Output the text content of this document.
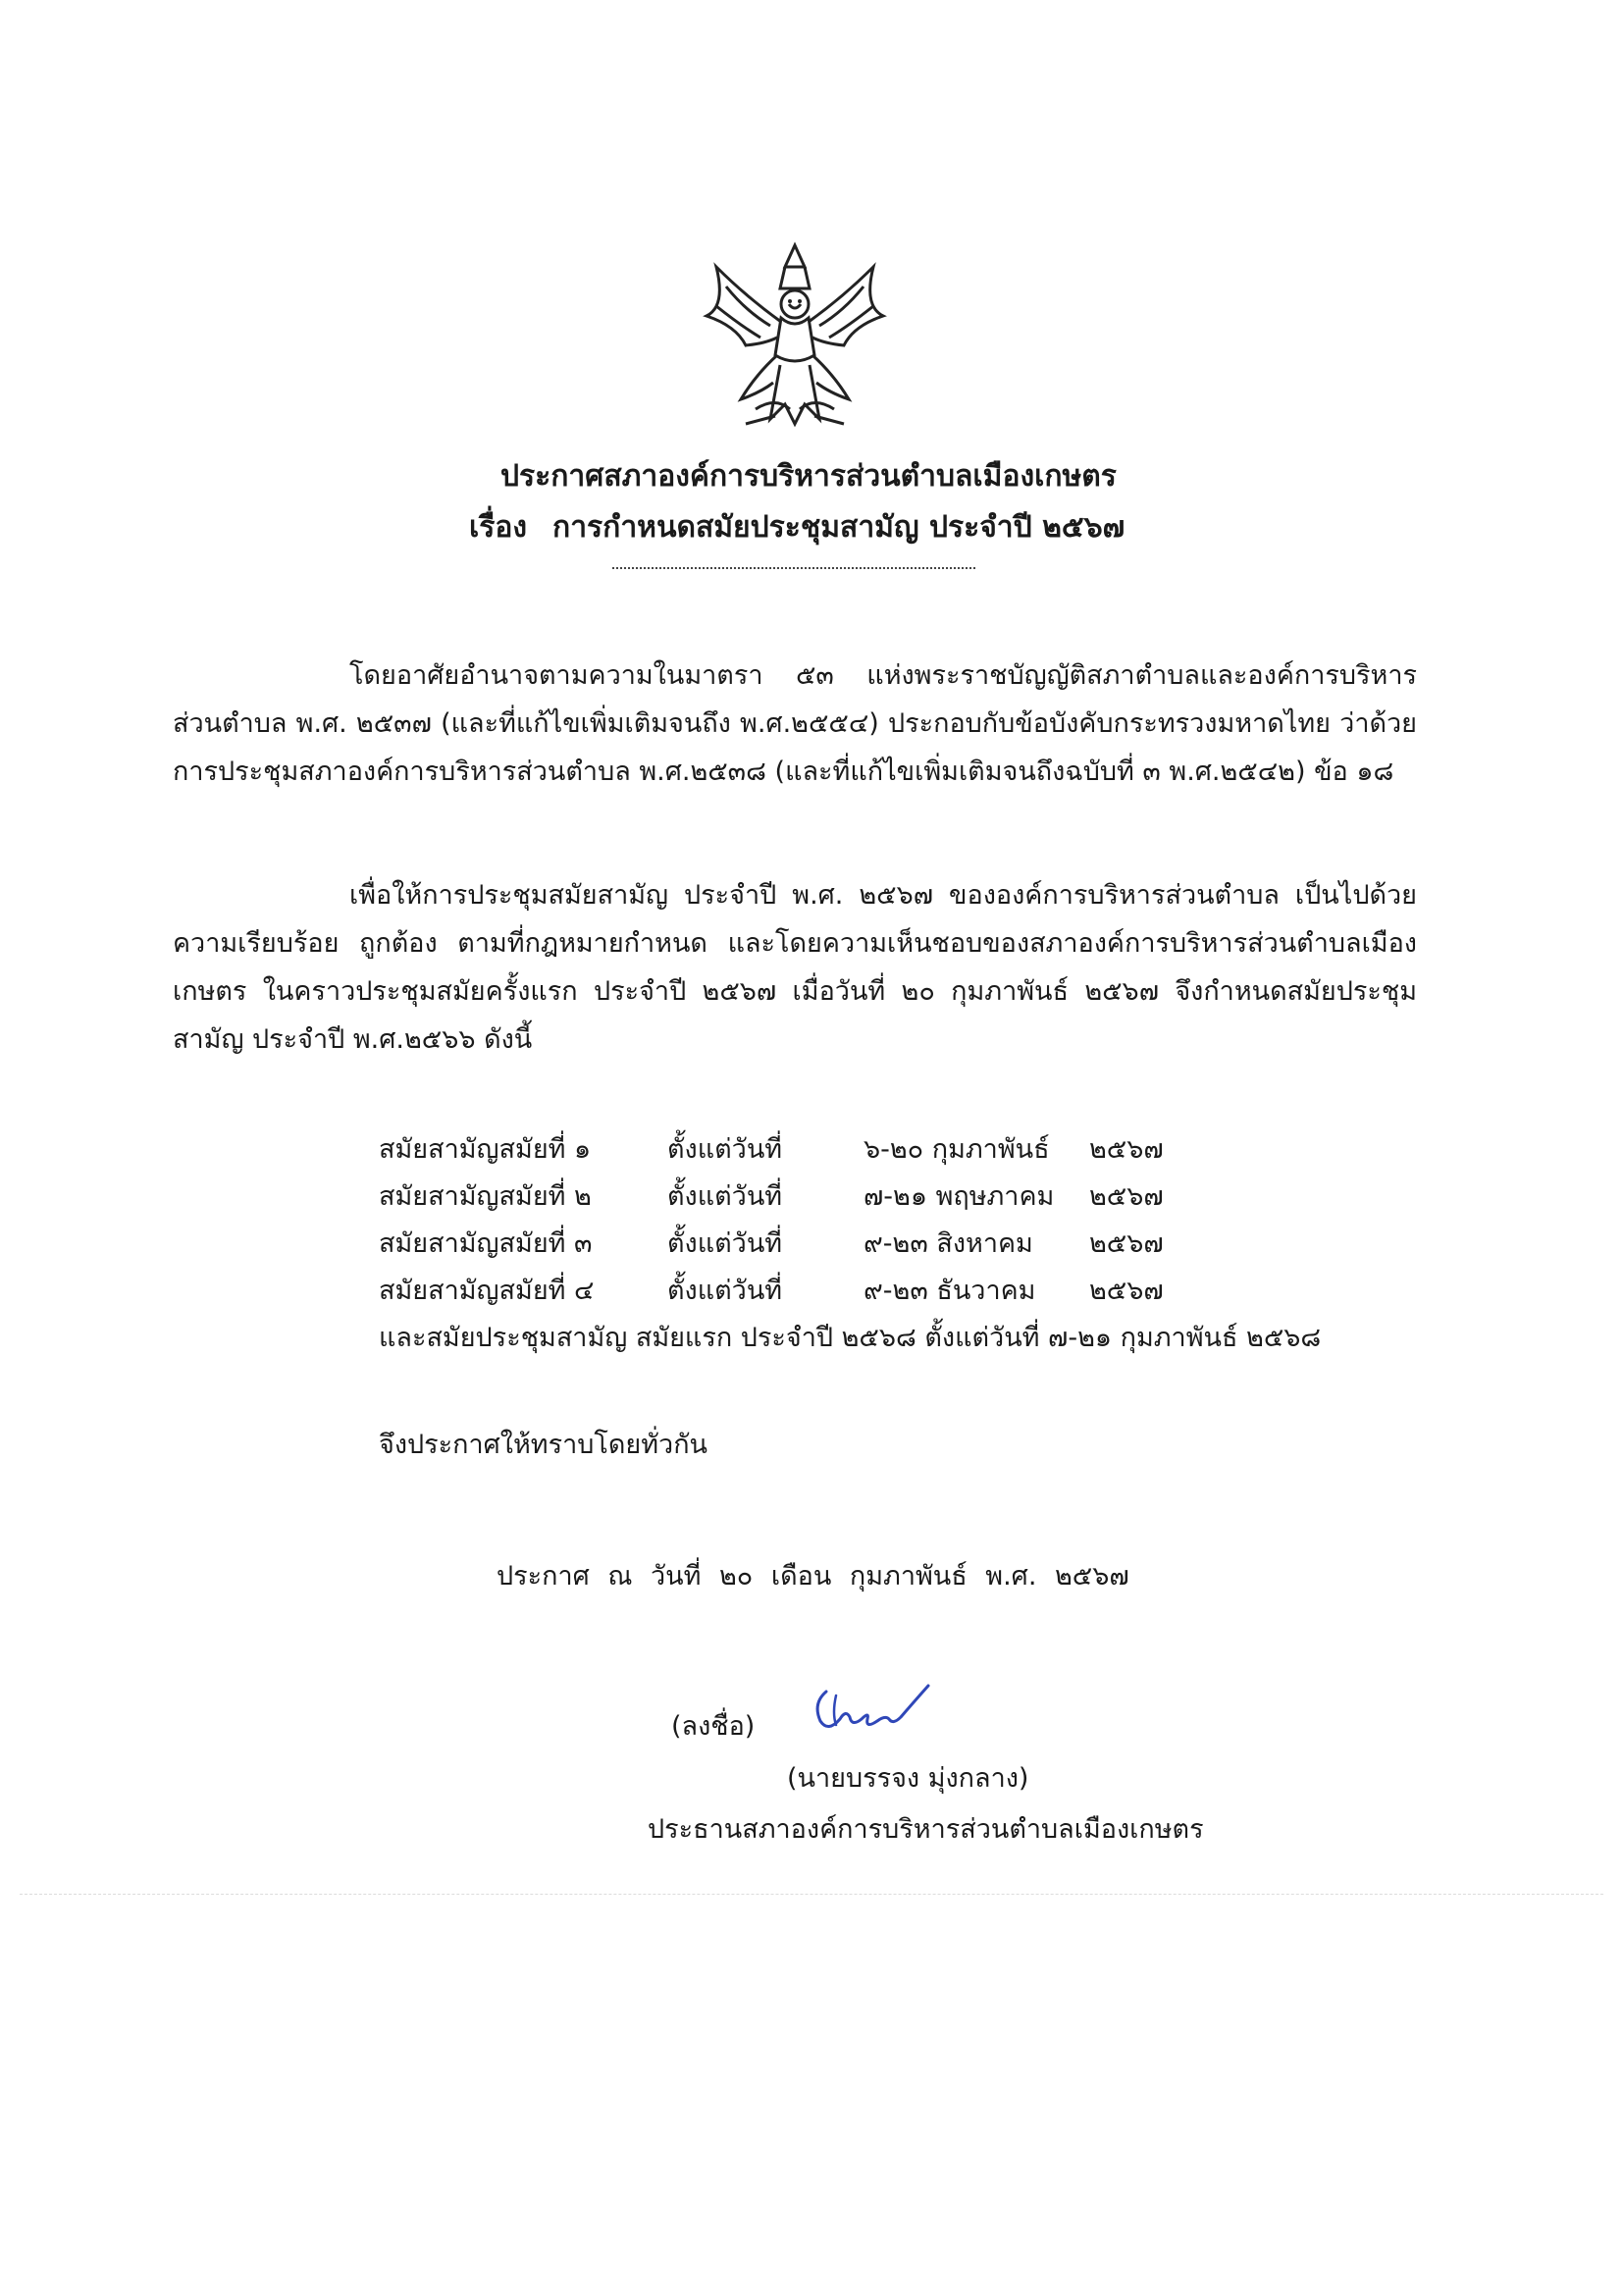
ประกาศสภาองค์การบริหารส่วนตำบลเมืองเกษตร
เรื่อง การกำหนดสมัยประชุมสามัญ ประจำปี ๒๕๖๗
โดยอาศัยอำนาจตามความในมาตรา ๕๓ แห่งพระราชบัญญัติสภาตำบลและองค์การบริหารส่วนตำบล พ.ศ. ๒๕๓๗ (และที่แก้ไขเพิ่มเติมจนถึง พ.ศ.๒๕๕๔) ประกอบกับข้อบังคับกระทรวงมหาดไทย ว่าด้วยการประชุมสภาองค์การบริหารส่วนตำบล พ.ศ.๒๕๓๘ (และที่แก้ไขเพิ่มเติมจนถึงฉบับที่ ๓ พ.ศ.๒๕๔๒) ข้อ ๑๘
เพื่อให้การประชุมสมัยสามัญ ประจำปี พ.ศ. ๒๕๖๗ ขององค์การบริหารส่วนตำบล เป็นไปด้วยความเรียบร้อย ถูกต้อง ตามที่กฎหมายกำหนด และโดยความเห็นชอบของสภาองค์การบริหารส่วนตำบลเมืองเกษตร ในคราวประชุมสมัยครั้งแรก ประจำปี ๒๕๖๗ เมื่อวันที่ ๒๐ กุมภาพันธ์ ๒๕๖๗ จึงกำหนดสมัยประชุมสามัญ ประจำปี พ.ศ.๒๕๖๖ ดังนี้
สมัยสามัญสมัยที่ ๑	ตั้งแต่วันที่	๖-๒๐ กุมภาพันธ์ ๒๕๖๗
สมัยสามัญสมัยที่ ๒	ตั้งแต่วันที่	๗-๒๑ พฤษภาคม ๒๕๖๗
สมัยสามัญสมัยที่ ๓	ตั้งแต่วันที่	๙-๒๓ สิงหาคม ๒๕๖๗
สมัยสามัญสมัยที่ ๔	ตั้งแต่วันที่	๙-๒๓ ธันวาคม ๒๕๖๗
และสมัยประชุมสามัญ สมัยแรก ประจำปี ๒๕๖๘ ตั้งแต่วันที่ ๗-๒๑ กุมภาพันธ์ ๒๕๖๘
จึงประกาศให้ทราบโดยทั่วกัน
ประกาศ ณ วันที่ ๒๐ เดือน กุมภาพันธ์ พ.ศ. ๒๕๖๗
(ลงชื่อ)
(นายบรรจง มุ่งกลาง)
ประธานสภาองค์การบริหารส่วนตำบลเมืองเกษตร
